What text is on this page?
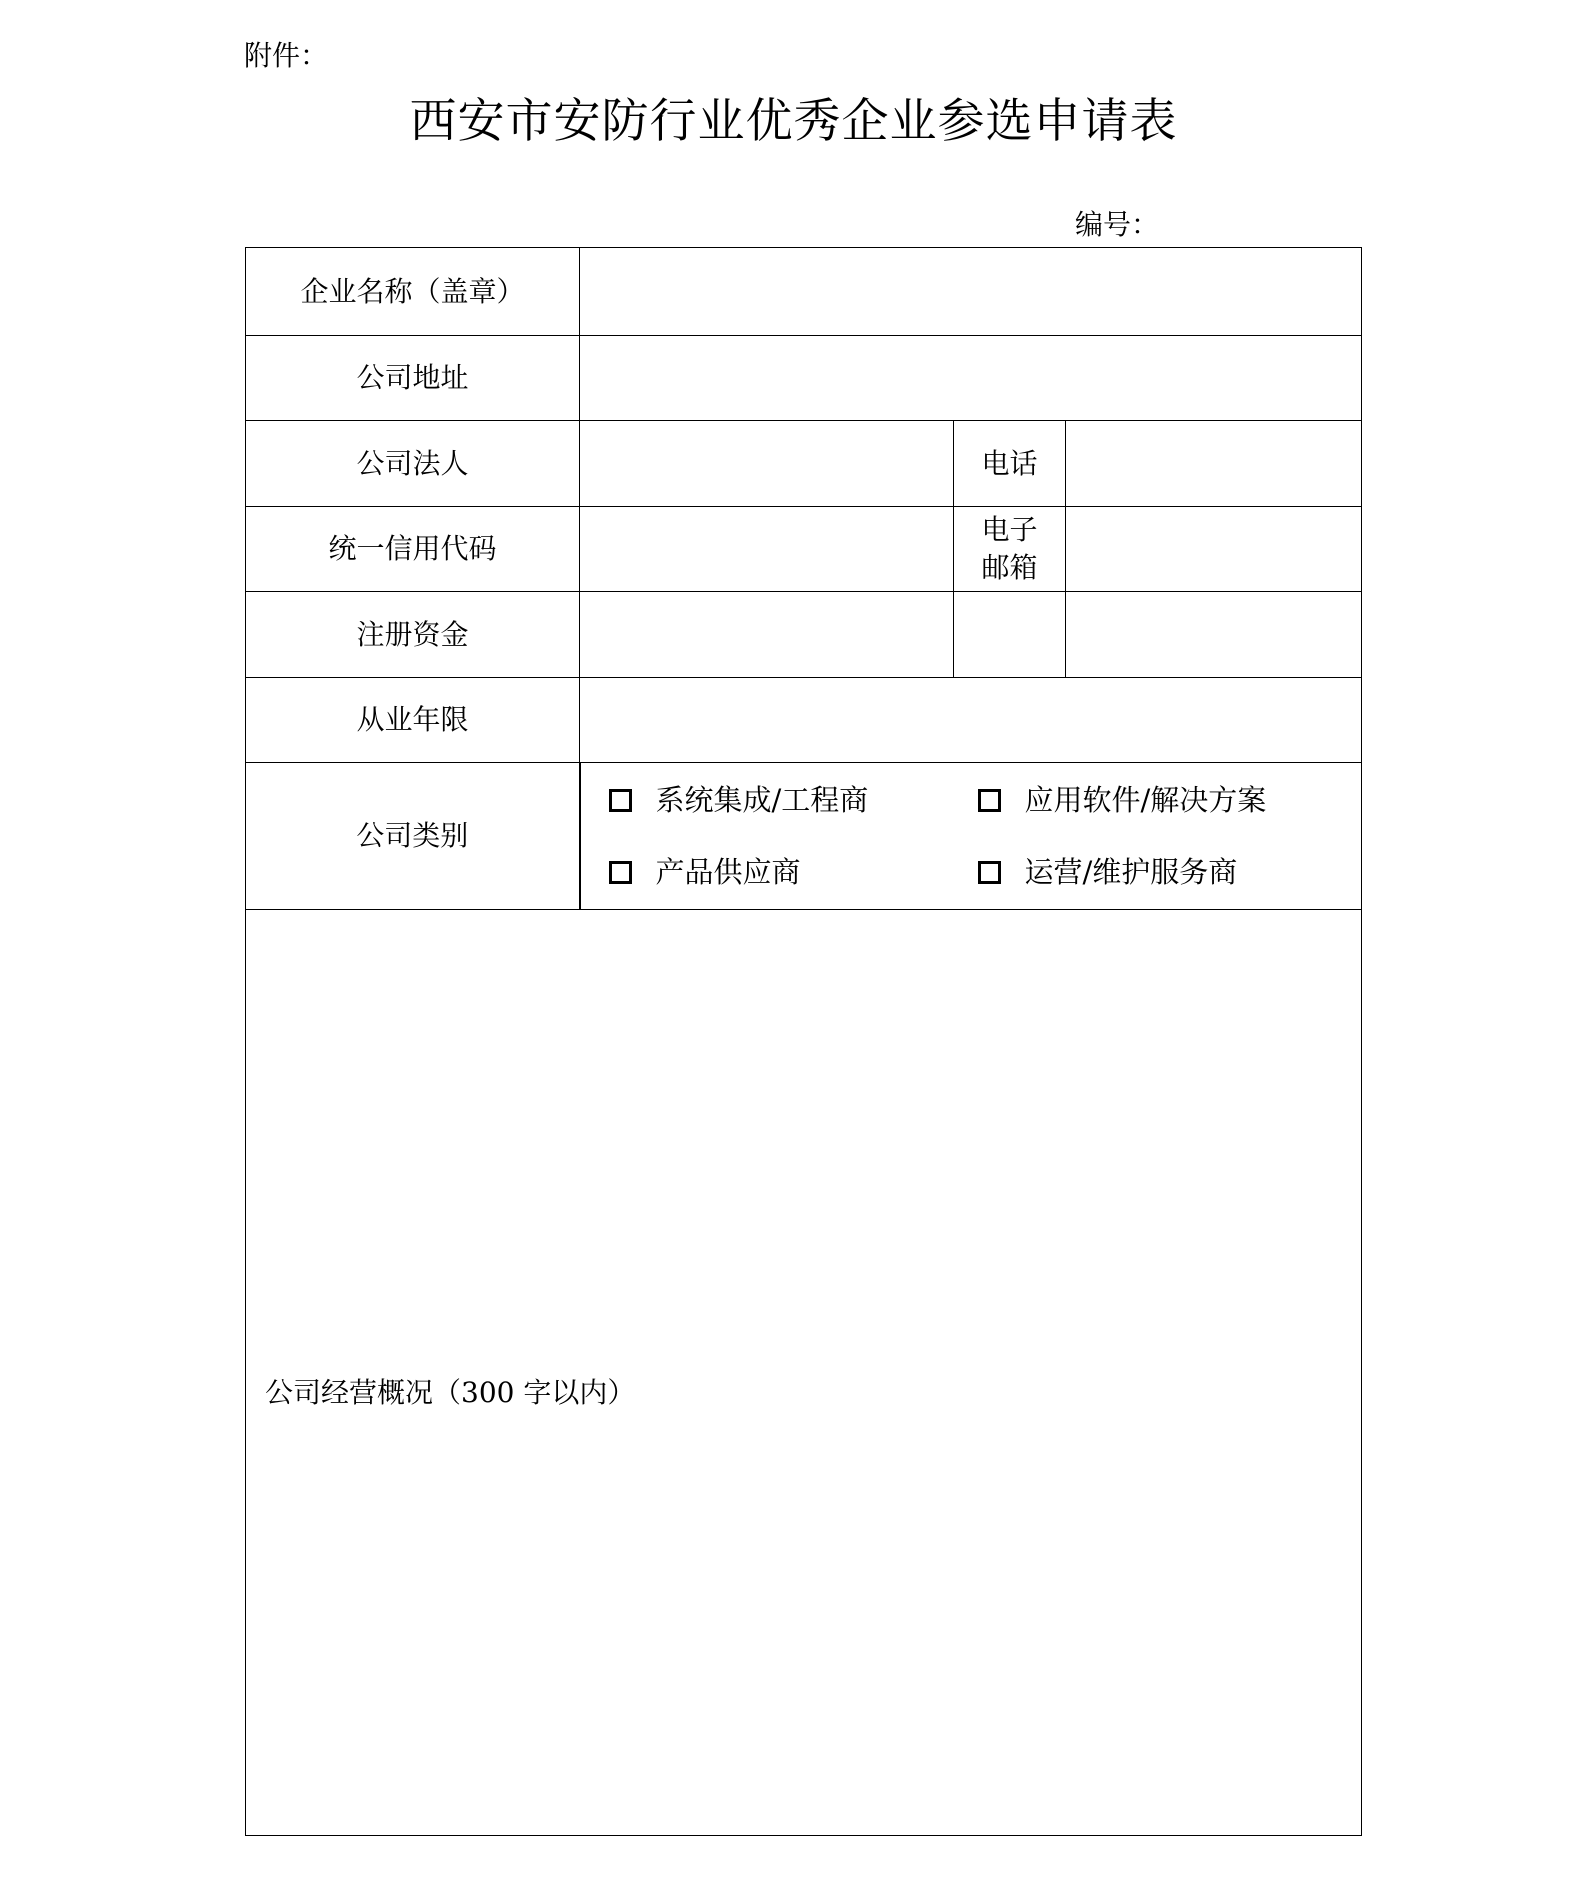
附件：
西安市安防行业优秀企业参选申请表
编号：
企业名称（盖章）			
公司地址			
公司法人		电话	
统一信用代码		电子
邮箱	

注册资金			
从业年限			
公司类别	系统集成/工程商 应用软件/解决方案
产品供应商 运营/维护服务商		

公司经营概况（300 字以内）			
